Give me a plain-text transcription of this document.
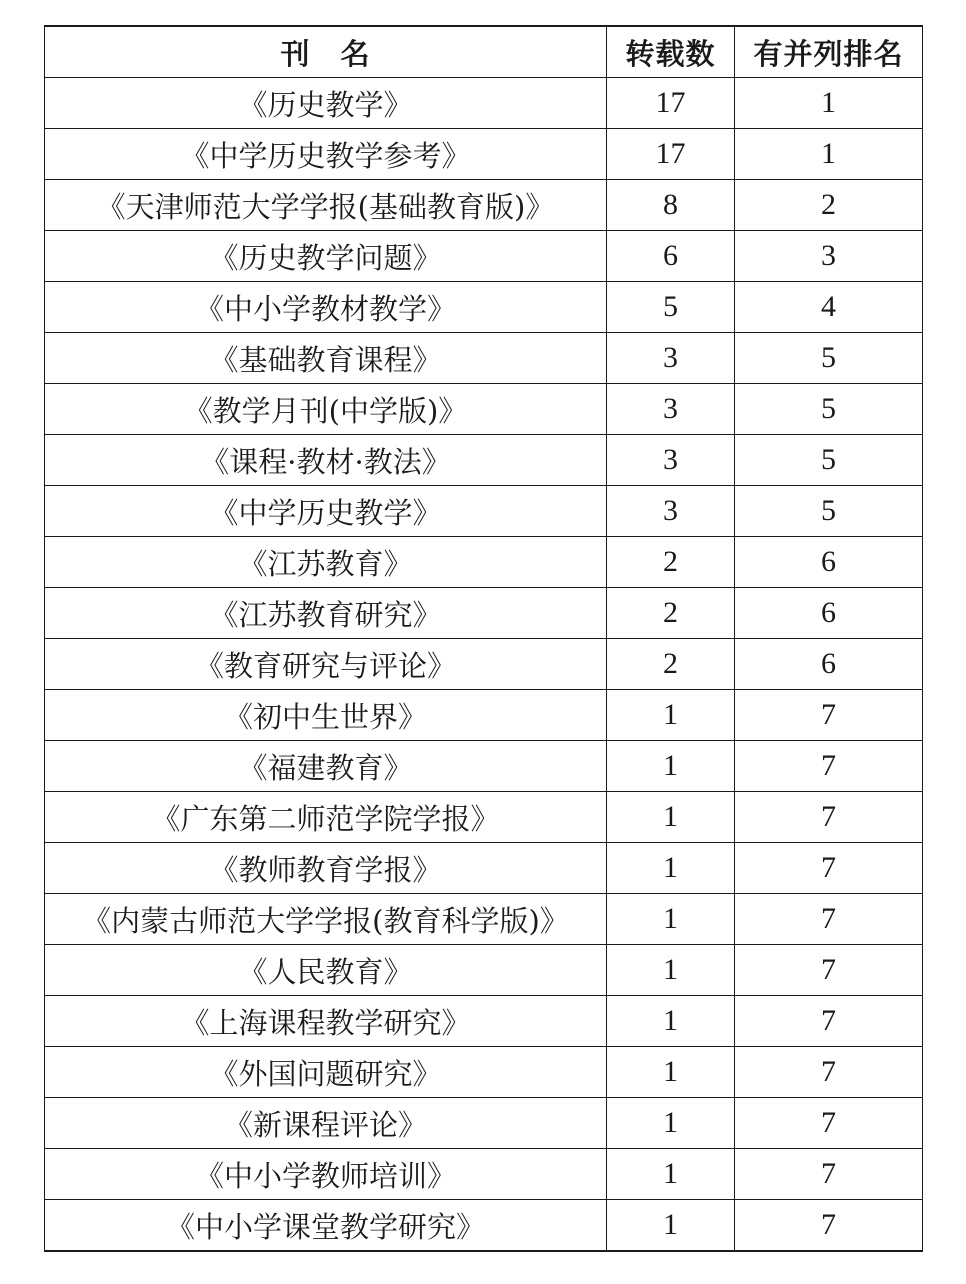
刊　名	转载数	有并列排名
《历史教学》	17	1
《中学历史教学参考》	17	1
《天津师范大学学报(基础教育版)》	8	2
《历史教学问题》	6	3
《中小学教材教学》	5	4
《基础教育课程》	3	5
《教学月刊(中学版)》	3	5
《课程·教材·教法》	3	5
《中学历史教学》	3	5
《江苏教育》	2	6
《江苏教育研究》	2	6
《教育研究与评论》	2	6
《初中生世界》	1	7
《福建教育》	1	7
《广东第二师范学院学报》	1	7
《教师教育学报》	1	7
《内蒙古师范大学学报(教育科学版)》	1	7
《人民教育》	1	7
《上海课程教学研究》	1	7
《外国问题研究》	1	7
《新课程评论》	1	7
《中小学教师培训》	1	7
《中小学课堂教学研究》	1	7
